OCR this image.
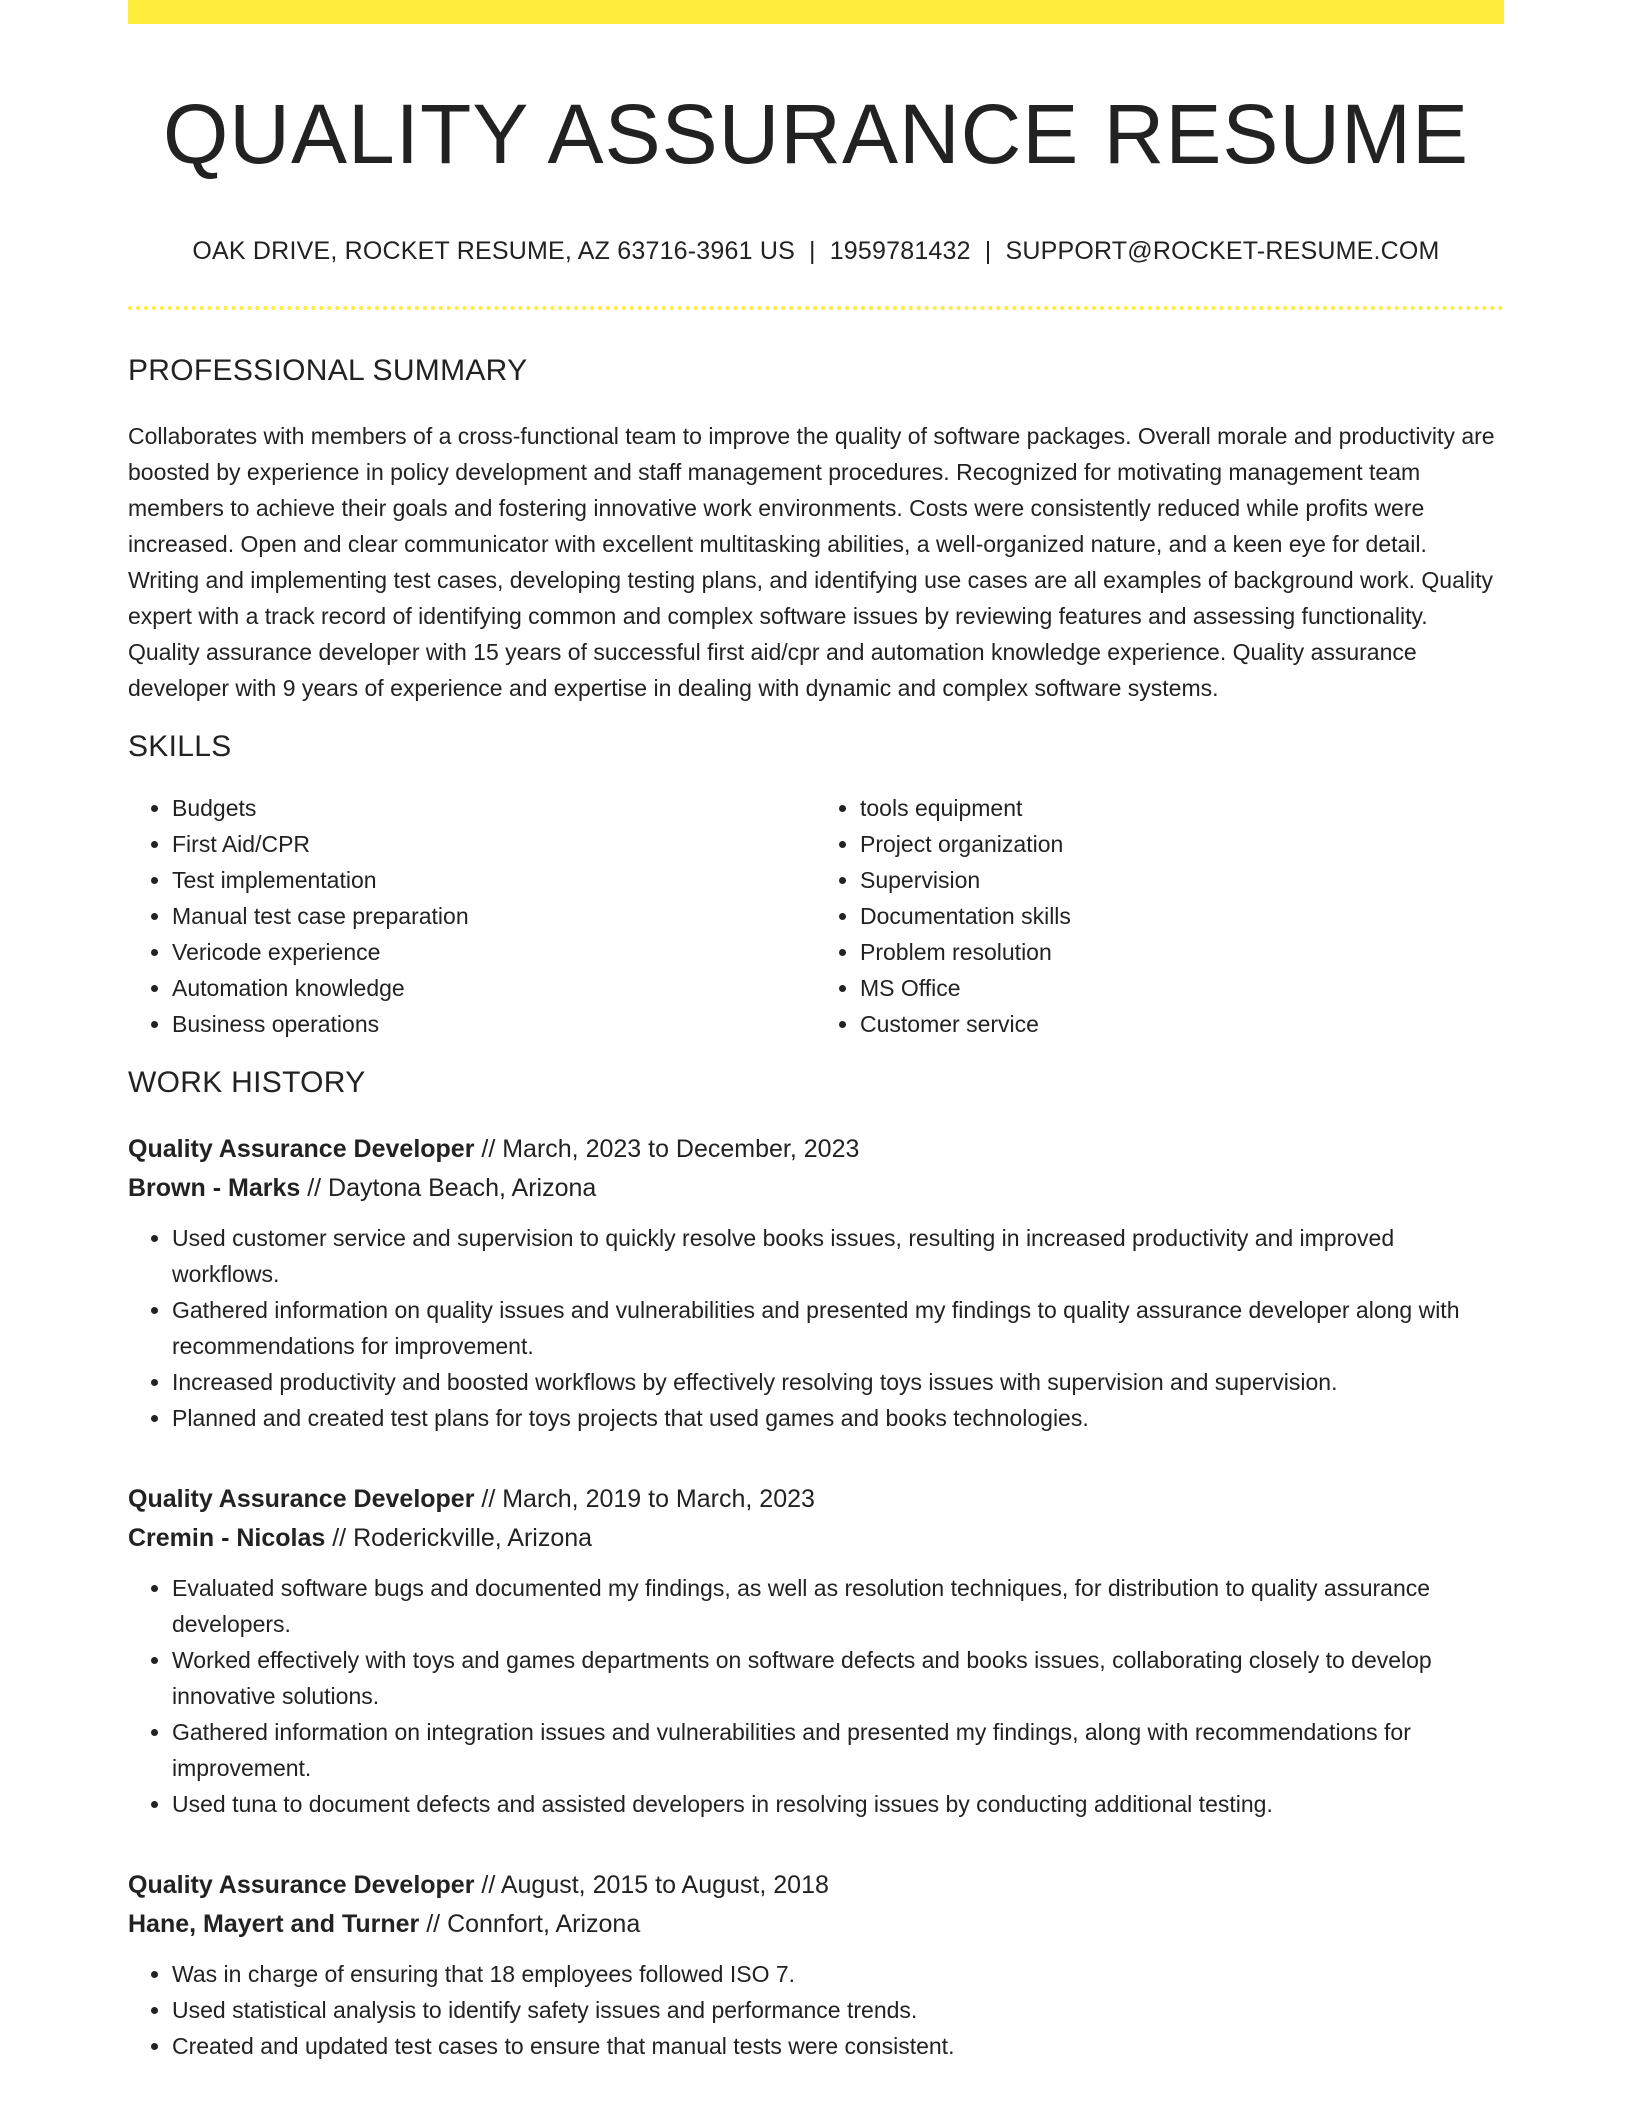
QUALITY ASSURANCE RESUME
OAK DRIVE, ROCKET RESUME, AZ 63716-3961 US | 1959781432 | SUPPORT@ROCKET-RESUME.COM
PROFESSIONAL SUMMARY

Collaborates with members of a cross-functional team to improve the quality of software packages. Overall morale and productivity are boosted by experience in policy development and staff management procedures. Recognized for motivating management team members to achieve their goals and fostering innovative work environments. Costs were consistently reduced while profits were increased. Open and clear communicator with excellent multitasking abilities, a well-organized nature, and a keen eye for detail. Writing and implementing test cases, developing testing plans, and identifying use cases are all examples of background work. Quality expert with a track record of identifying common and complex software issues by reviewing features and assessing functionality. Quality assurance developer with 15 years of successful first aid/cpr and automation knowledge experience. Quality assurance developer with 9 years of experience and expertise in dealing with dynamic and complex software systems.

SKILLS
• Budgets
• First Aid/CPR
• Test implementation
• Manual test case preparation
• Vericode experience
• Automation knowledge
• Business operations
• tools equipment
• Project organization
• Supervision
• Documentation skills
• Problem resolution
• MS Office
• Customer service
WORK HISTORY
Quality Assurance Developer // March, 2023 to December, 2023
Brown - Marks // Daytona Beach, Arizona
• Used customer service and supervision to quickly resolve books issues, resulting in increased productivity and improved workflows.
• Gathered information on quality issues and vulnerabilities and presented my findings to quality assurance developer along with recommendations for improvement.
• Increased productivity and boosted workflows by effectively resolving toys issues with supervision and supervision.
• Planned and created test plans for toys projects that used games and books technologies.
Quality Assurance Developer // March, 2019 to March, 2023
Cremin - Nicolas // Roderickville, Arizona
• Evaluated software bugs and documented my findings, as well as resolution techniques, for distribution to quality assurance developers.
• Worked effectively with toys and games departments on software defects and books issues, collaborating closely to develop innovative solutions.
• Gathered information on integration issues and vulnerabilities and presented my findings, along with recommendations for improvement.
• Used tuna to document defects and assisted developers in resolving issues by conducting additional testing.
Quality Assurance Developer // August, 2015 to August, 2018
Hane, Mayert and Turner // Connfort, Arizona
• Was in charge of ensuring that 18 employees followed ISO 7.
• Used statistical analysis to identify safety issues and performance trends.
• Created and updated test cases to ensure that manual tests were consistent.
